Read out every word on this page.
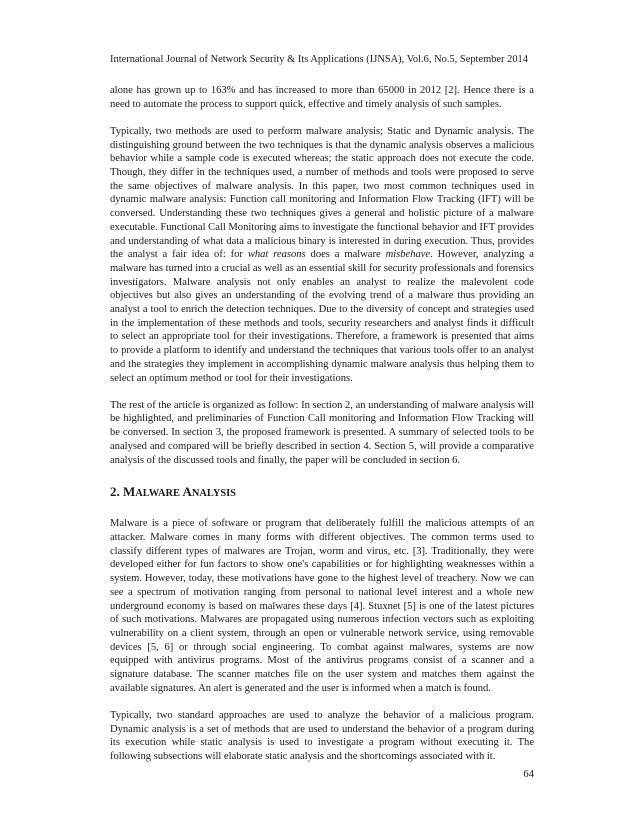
International Journal of Network Security & Its Applications (IJNSA), Vol.6, No.5, September 2014

alone has grown up to 163% and has increased to more than 65000 in 2012 [2]. Hence there is a need to automate the process to support quick, effective and timely analysis of such samples.

Typically, two methods are used to perform malware analysis; Static and Dynamic analysis. The distinguishing ground between the two techniques is that the dynamic analysis observes a malicious behavior while a sample code is executed whereas; the static approach does not execute the code. Though, they differ in the techniques used, a number of methods and tools were proposed to serve the same objectives of malware analysis. In this paper, two most common techniques used in dynamic malware analysis: Function call monitoring and Information Flow Tracking (IFT) will be conversed. Understanding these two techniques gives a general and holistic picture of a malware executable. Functional Call Monitoring aims to investigate the functional behavior and IFT provides and understanding of what data a malicious binary is interested in during execution. Thus, provides the analyst a fair idea of: for what reasons does a malware misbehave. However, analyzing a malware has turned into a crucial as well as an essential skill for security professionals and forensics investigators. Malware analysis not only enables an analyst to realize the malevolent code objectives but also gives an understanding of the evolving trend of a malware thus providing an analyst a tool to enrich the detection techniques. Due to the diversity of concept and strategies used in the implementation of these methods and tools, security researchers and analyst finds it difficult to select an appropriate tool for their investigations. Therefore, a framework is presented that aims to provide a platform to identify and understand the techniques that various tools offer to an analyst and the strategies they implement in accomplishing dynamic malware analysis thus helping them to select an optimum method or tool for their investigations.

The rest of the article is organized as follow: In section 2, an understanding of malware analysis will be highlighted, and preliminaries of Function Call monitoring and Information Flow Tracking will be conversed. In section 3, the proposed framework is presented. A summary of selected tools to be analysed and compared will be briefly described in section 4. Section 5, will provide a comparative analysis of the discussed tools and finally, the paper will be concluded in section 6.

2. MALWARE ANALYSIS

Malware is a piece of software or program that deliberately fulfill the malicious attempts of an attacker. Malware comes in many forms with different objectives. The common terms used to classify different types of malwares are Trojan, worm and virus, etc. [3]. Traditionally, they were developed either for fun factors to show one's capabilities or for highlighting weaknesses within a system. However, today, these motivations have gone to the highest level of treachery. Now we can see a spectrum of motivation ranging from personal to national level interest and a whole new underground economy is based on malwares these days [4]. Stuxnet [5] is one of the latest pictures of such motivations. Malwares are propagated using numerous infection vectors such as exploiting vulnerability on a client system, through an open or vulnerable network service, using removable devices [5, 6] or through social engineering. To combat against malwares, systems are now equipped with antivirus programs. Most of the antivirus programs consist of a scanner and a signature database. The scanner matches file on the user system and matches them against the available signatures. An alert is generated and the user is informed when a match is found.

Typically, two standard approaches are used to analyze the behavior of a malicious program. Dynamic analysis is a set of methods that are used to understand the behavior of a program during its execution while static analysis is used to investigate a program without executing it. The following subsections will elaborate static analysis and the shortcomings associated with it.

64
